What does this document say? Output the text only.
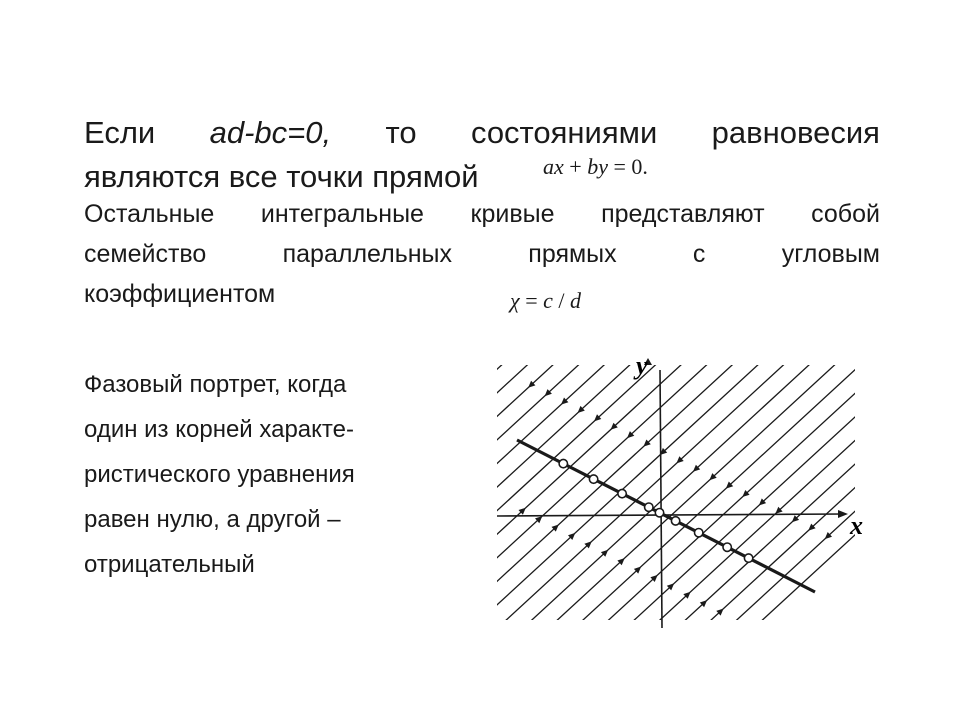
Если ad-bc=0, то состояниями равновесия
являются все точки прямой	ax + by = 0.
Остальные интегральные кривые представляют собой
семейство параллельных прямых с угловым
коэффициентом	χ = c / d
Фазовый портрет, когда
один из корней характе-
ристического уравнения
равен нулю, а другой –
отрицательный
y
x
